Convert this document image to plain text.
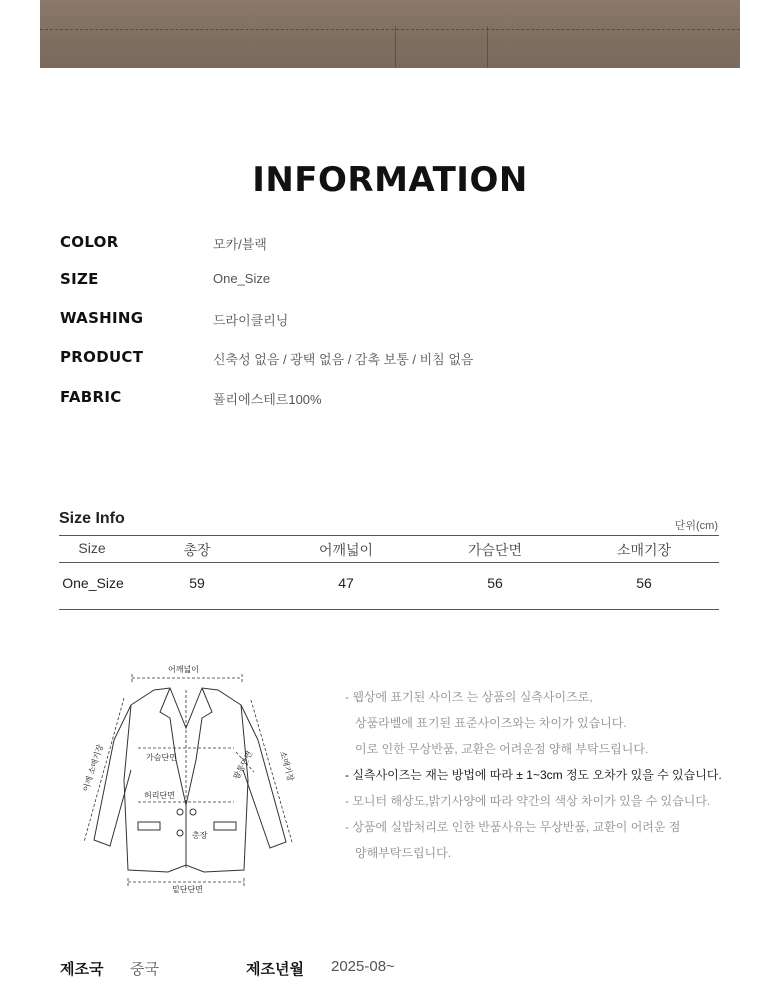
INFORMATION
COLOR	모카/블랙
SIZE	One_Size
WASHING	드라이클리닝
PRODUCT	신축성 없음 / 광택 없음 / 감촉 보통 / 비침 없음
FABRIC	폴리에스테르100%
Size Info	단위(cm)
Size	총장	어깨넓이	가슴단면	소매기장
One_Size	59	47	56	56
어깨넓이
가슴단면
허리단면
총장
밑단단면
어깨 소매기장	팔통단면	소매기장
- 웹상에 표기된 사이즈 는 상품의 실측사이즈로,
상품라벨에 표기된 표준사이즈와는 차이가 있습니다.
이로 인한 무상반품, 교환은 어려운점 양해 부탁드립니다.
- 실측사이즈는 재는 방법에 따라 ± 1~3cm 정도 오차가 있을 수 있습니다.
- 모니터 해상도,밝기사양에 따라 약간의 색상 차이가 있을 수 있습니다.
- 상품에 실밥처리로 인한 반품사유는 무상반품, 교환이 어려운 점
양해부탁드립니다.
제조국 중국	제조년월 2025-08~
